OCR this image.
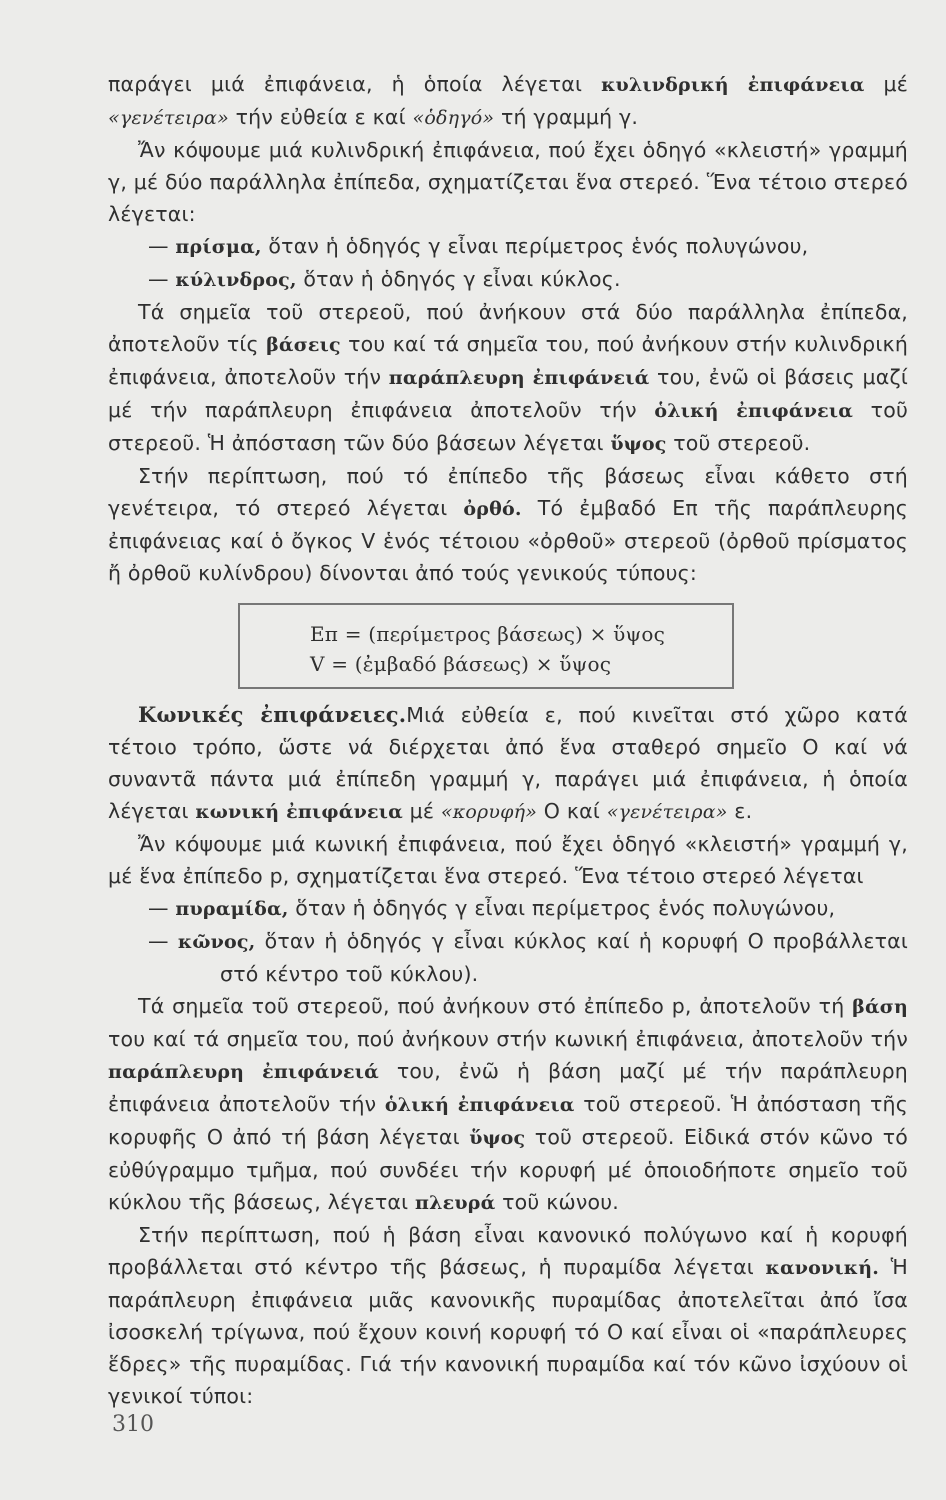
παράγει μιά ἐπιφάνεια, ἡ ὁποία λέγεται κυλινδρική ἐπιφάνεια μέ «γενέτειρα» τήν εὐθεία ε καί «ὁδηγό» τή γραμμή γ.

Ἄν κόψουμε μιά κυλινδρική ἐπιφάνεια, πού ἔχει ὁδηγό «κλειστή» γραμμή γ, μέ δύο παράλληλα ἐπίπεδα, σχηματίζεται ἕνα στερεό. Ἕνα τέτοιο στερεό λέγεται:

— πρίσμα, ὅταν ἡ ὁδηγός γ εἶναι περίμετρος ἑνός πολυγώνου,

— κύλινδρος, ὅταν ἡ ὁδηγός γ εἶναι κύκλος.

Τά σημεῖα τοῦ στερεοῦ, πού ἀνήκουν στά δύο παράλληλα ἐπίπεδα, ἀποτελοῦν τίς βάσεις του καί τά σημεῖα του, πού ἀνήκουν στήν κυλινδρική ἐπιφάνεια, ἀποτελοῦν τήν παράπλευρη ἐπιφάνειά του, ἐνῶ οἱ βάσεις μαζί μέ τήν παράπλευρη ἐπιφάνεια ἀποτελοῦν τήν ὁλική ἐπιφάνεια τοῦ στερεοῦ. Ἡ ἀπόσταση τῶν δύο βάσεων λέγεται ὕψος τοῦ στερεοῦ.

Στήν περίπτωση, πού τό ἐπίπεδο τῆς βάσεως εἶναι κάθετο στή γενέτειρα, τό στερεό λέγεται ὀρθό. Τό ἐμβαδό Eπ τῆς παράπλευρης ἐπιφάνειας καί ὁ ὄγκος V ἑνός τέτοιου «ὀρθοῦ» στερεοῦ (ὀρθοῦ πρίσματος ἤ ὀρθοῦ κυλίνδρου) δίνονται ἀπό τούς γενικούς τύπους:

Eπ = (περίμετρος βάσεως) × ὕψος
V = (ἐμβαδό βάσεως) × ὕψος

Κωνικές ἐπιφάνειες.Μιά εὐθεία ε, πού κινεῖται στό χῶρο κατά τέτοιο τρόπο, ὥστε νά διέρχεται ἀπό ἕνα σταθερό σημεῖο Ο καί νά συναντᾶ πάντα μιά ἐπίπεδη γραμμή γ, παράγει μιά ἐπιφάνεια, ἡ ὁποία λέγεται κωνική ἐπιφάνεια μέ «κορυφή» Ο καί «γενέτειρα» ε.

Ἄν κόψουμε μιά κωνική ἐπιφάνεια, πού ἔχει ὁδηγό «κλειστή» γραμμή γ, μέ ἕνα ἐπίπεδο p, σχηματίζεται ἕνα στερεό. Ἕνα τέτοιο στερεό λέγεται

— πυραμίδα, ὅταν ἡ ὁδηγός γ εἶναι περίμετρος ἑνός πολυγώνου,

— κῶνος, ὅταν ἡ ὁδηγός γ εἶναι κύκλος καί ἡ κορυφή Ο προβάλλεται στό κέντρο τοῦ κύκλου).

Τά σημεῖα τοῦ στερεοῦ, πού ἀνήκουν στό ἐπίπεδο p, ἀποτελοῦν τή βάση του καί τά σημεῖα του, πού ἀνήκουν στήν κωνική ἐπιφάνεια, ἀποτελοῦν τήν παράπλευρη ἐπιφάνειά του, ἐνῶ ἡ βάση μαζί μέ τήν παράπλευρη ἐπιφάνεια ἀποτελοῦν τήν ὁλική ἐπιφάνεια τοῦ στερεοῦ. Ἡ ἀπόσταση τῆς κορυφῆς Ο ἀπό τή βάση λέγεται ὕψος τοῦ στερεοῦ. Εἰδικά στόν κῶνο τό εὐθύγραμμο τμῆμα, πού συνδέει τήν κορυφή μέ ὁποιοδήποτε σημεῖο τοῦ κύκλου τῆς βάσεως, λέγεται πλευρά τοῦ κώνου.

Στήν περίπτωση, πού ἡ βάση εἶναι κανονικό πολύγωνο καί ἡ κορυφή προβάλλεται στό κέντρο τῆς βάσεως, ἡ πυραμίδα λέγεται κανονική. Ἡ παράπλευρη ἐπιφάνεια μιᾶς κανονικῆς πυραμίδας ἀποτελεῖται ἀπό ἴσα ἰσοσκελή τρίγωνα, πού ἔχουν κοινή κορυφή τό Ο καί εἶναι οἱ «παράπλευρες ἕδρες» τῆς πυραμίδας. Γιά τήν κανονική πυραμίδα καί τόν κῶνο ἰσχύουν οἱ γενικοί τύποι:

310
